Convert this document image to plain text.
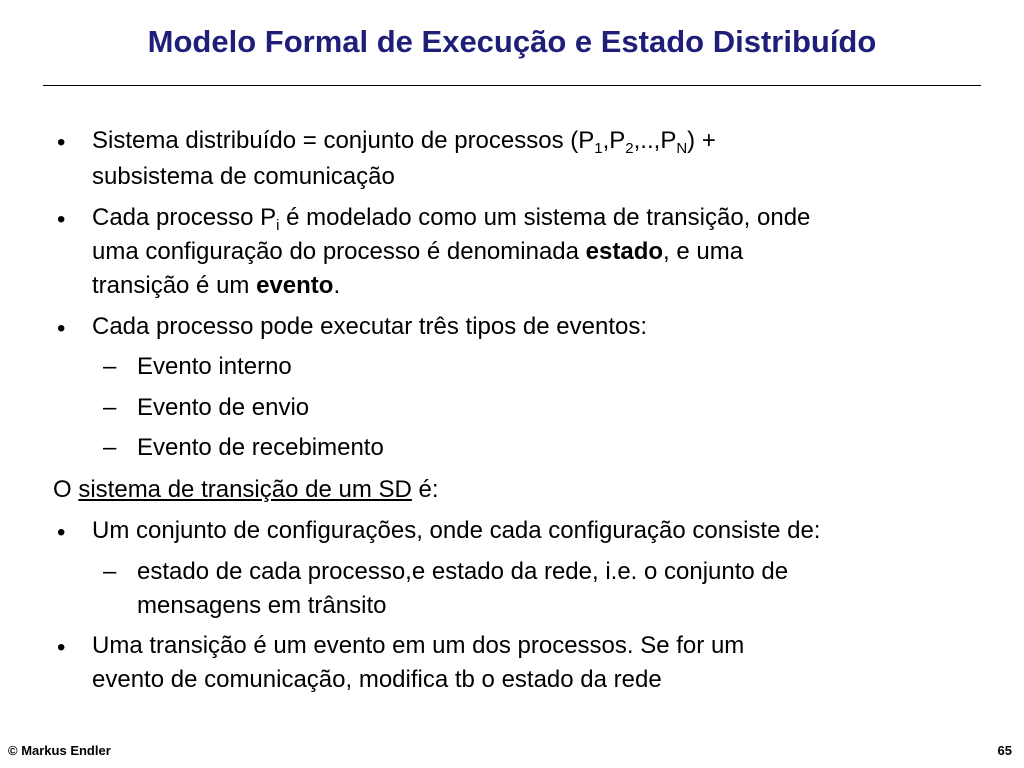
Modelo Formal de Execução e Estado Distribuído
• Sistema distribuído = conjunto de processos $(P_1,P_2,..,P_N)$ +
subsistema de comunicação
• Cada processo $P_i$ é modelado como um sistema de transição, onde
uma configuração do processo é denominada estado, e uma
transição é um evento.
• Cada processo pode executar três tipos de eventos:
– Evento interno
– Evento de envio
– Evento de recebimento
O sistema de transição de um SD é:
• Um conjunto de configurações, onde cada configuração consiste de:
– estado de cada processo,e estado da rede, i.e. o conjunto de
mensagens em trânsito
• Uma transição é um evento em um dos processos. Se for um
evento de comunicação, modifica tb o estado da rede
© Markus Endler	65
